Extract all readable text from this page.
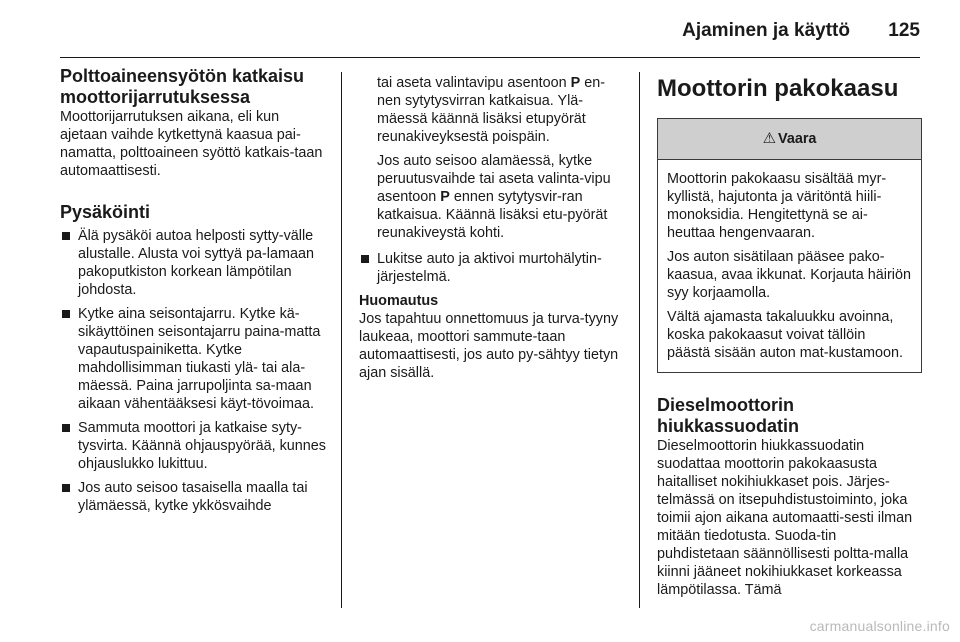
Ajaminen ja käyttö 125
Polttoaineensyötön katkaisu
moottorijarrutuksessa

Moottorijarrutuksen aikana, eli kun ajetaan vaihde kytkettynä kaasua pai-namatta, polttoaineen syöttö katkais-taan automaattisesti.

Pysäköinti
Älä pysäköi autoa helposti sytty-välle alustalle. Alusta voi syttyä pa-lamaan pakoputkiston korkean lämpötilan johdosta.
Kytke aina seisontajarru. Kytke kä-sikäyttöinen seisontajarru paina-matta vapautuspainiketta. Kytke mahdollisimman tiukasti ylä- tai ala-mäessä. Paina jarrupoljinta sa-maan aikaan vähentääksesi käyt-tövoimaa.
Sammuta moottori ja katkaise syty-tysvirta. Käännä ohjauspyörää, kunnes ohjauslukko lukittuu.
Jos auto seisoo tasaisella maalla tai ylämäessä, kytke ykkösvaihde

tai aseta valintavipu asentoon P en-nen sytytysvirran katkaisua. Ylä-mäessä käännä lisäksi etupyörät reunakiveyksestä poispäin.

Jos auto seisoo alamäessä, kytke peruutusvaihde tai aseta valinta-vipu asentoon P ennen sytytysvir-ran katkaisua. Käännä lisäksi etu-pyörät reunakiveystä kohti.

Lukitse auto ja aktivoi murtohälytin-järjestelmä.

Huomautus

Jos tapahtuu onnettomuus ja turva-tyyny laukeaa, moottori sammute-taan automaattisesti, jos auto py-sähtyy tietyn ajan sisällä.

Moottorin pakokaasu
⚠ Vaara

Moottorin pakokaasu sisältää myr-kyllistä, hajutonta ja väritöntä hiili-monoksidia. Hengitettynä se ai-heuttaa hengenvaaran.

Jos auton sisätilaan pääsee pako-kaasua, avaa ikkunat. Korjauta häiriön syy korjaamolla.

Vältä ajamasta takaluukku avoinna, koska pakokaasut voivat tällöin päästä sisään auton mat-kustamoon.

Dieselmoottorin
hiukkassuodatin

Dieselmoottorin hiukkassuodatin suodattaa moottorin pakokaasusta haitalliset nokihiukkaset pois. Järjes-telmässä on itsepuhdistustoiminto, joka toimii ajon aikana automaatti-sesti ilman mitään tiedotusta. Suoda-tin puhdistetaan säännöllisesti poltta-malla kiinni jääneet nokihiukkaset korkeassa lämpötilassa. Tämä

carmanualsonline.info
